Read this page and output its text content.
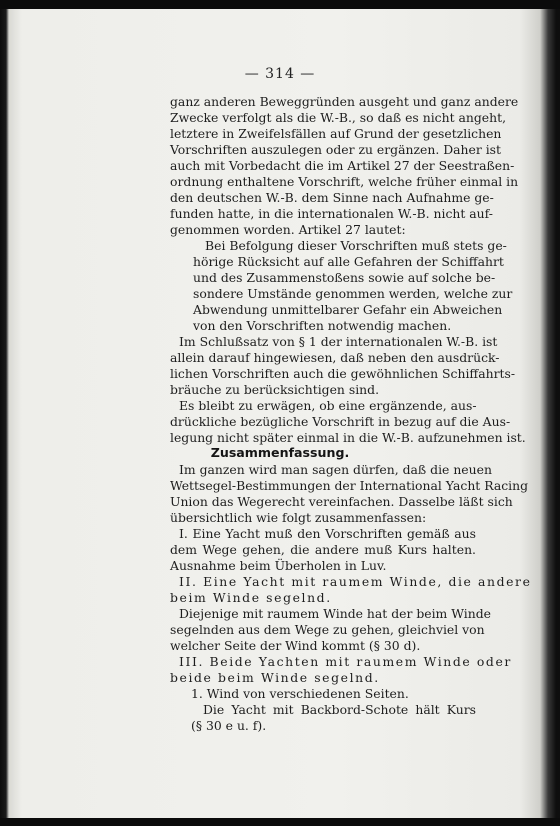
— 314 —
ganz anderen Beweggründen ausgeht und ganz andere
Zwecke verfolgt als die W.-B., so daß es nicht angeht,
letztere in Zweifelsfällen auf Grund der gesetzlichen
Vorschriften auszulegen oder zu ergänzen. Daher ist
auch mit Vorbedacht die im Artikel 27 der Seestraßen-
ordnung enthaltene Vorschrift, welche früher einmal in
den deutschen W.-B. dem Sinne nach Aufnahme ge-
funden hatte, in die internationalen W.-B. nicht auf-
genommen worden. Artikel 27 lautet:
Bei Befolgung dieser Vorschriften muß stets ge-
hörige Rücksicht auf alle Gefahren der Schiffahrt
und des Zusammenstoßens sowie auf solche be-
sondere Umstände genommen werden, welche zur
Abwendung unmittelbarer Gefahr ein Abweichen
von den Vorschriften notwendig machen.
Im Schlußsatz von § 1 der internationalen W.-B. ist
allein darauf hingewiesen, daß neben den ausdrück-
lichen Vorschriften auch die gewöhnlichen Schiffahrts-
bräuche zu berücksichtigen sind.
Es bleibt zu erwägen, ob eine ergänzende, aus-
drückliche bezügliche Vorschrift in bezug auf die Aus-
legung nicht später einmal in die W.-B. aufzunehmen ist.
Zusammenfassung.
Im ganzen wird man sagen dürfen, daß die neuen
Wettsegel-Bestimmungen der International Yacht Racing
Union das Wegerecht vereinfachen. Dasselbe läßt sich
übersichtlich wie folgt zusammenfassen:
I. Eine Yacht muß den Vorschriften gemäß aus
dem Wege gehen, die andere muß Kurs halten.
Ausnahme beim Überholen in Luv.
II. Eine Yacht mit raumem Winde, die andere
beim Winde segelnd.
Diejenige mit raumem Winde hat der beim Winde
segelnden aus dem Wege zu gehen, gleichviel von
welcher Seite der Wind kommt (§ 30 d).
III. Beide Yachten mit raumem Winde oder
beide beim Winde segelnd.
1. Wind von verschiedenen Seiten.
Die Yacht mit Backbord-Schote hält Kurs
(§ 30 e u. f).
